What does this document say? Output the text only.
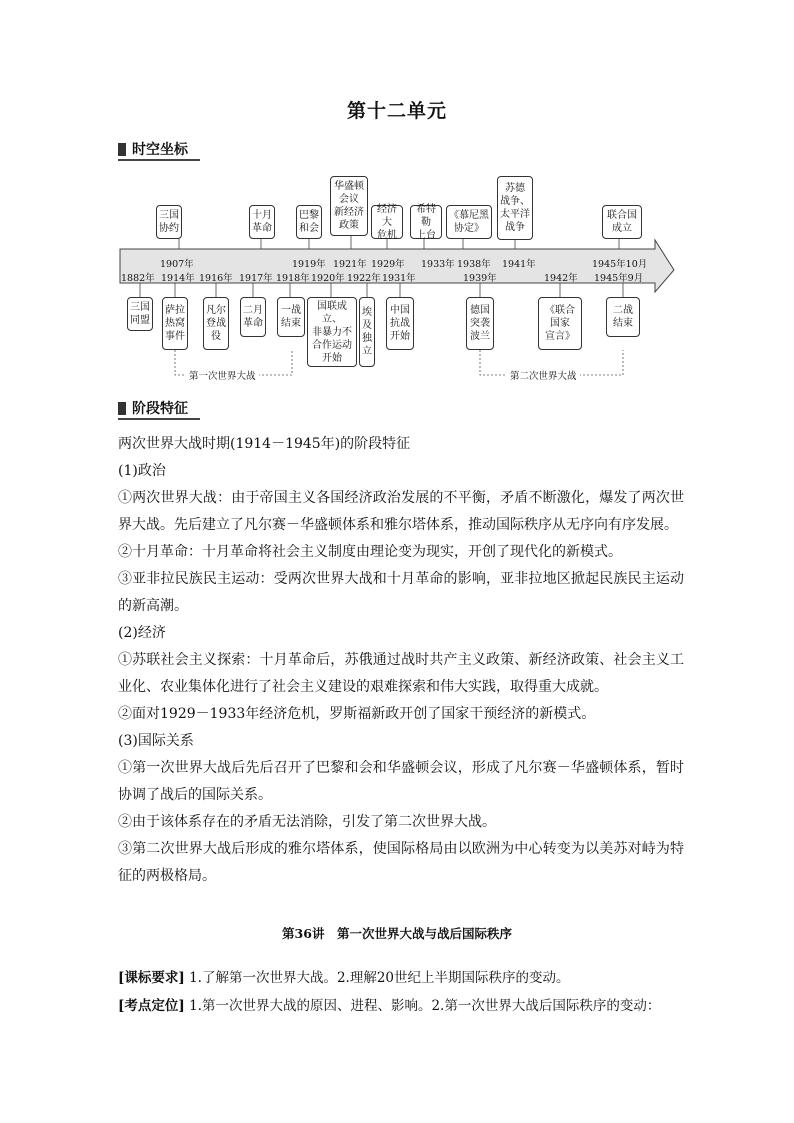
第十二单元
时空坐标
三国
协约
十月
革命
巴黎
和会
华盛顿
会议
新经济
政策
经济大
危机
希特勒
上台
《慕尼黑
协定》
苏德
战争、
太平洋
战争
联合国
成立
1907年	1919年 1921年 1929年 1933年 1938年 1941年	1945年10月
1882年 1914年 1916年 1917年 1918年 1920年 1922年 1931年	1939年	1942年 1945年9月
三国
同盟
萨拉
热窝
事件
凡尔
登战
役
二月
革命
一战
结束
国联成立、
非暴力不
合作运动
开始
埃
及
独
立
中国
抗战
开始
德国
突袭
波兰
《联合
国家
宣言》
二战
结束
第一次世界大战	第二次世界大战
阶段特征

两次世界大战时期(1914－1945年)的阶段特征

(1)政治

①两次世界大战：由于帝国主义各国经济政治发展的不平衡，矛盾不断激化，爆发了两次世界大战。先后建立了凡尔赛－华盛顿体系和雅尔塔体系，推动国际秩序从无序向有序发展。

②十月革命：十月革命将社会主义制度由理论变为现实，开创了现代化的新模式。

③亚非拉民族民主运动：受两次世界大战和十月革命的影响，亚非拉地区掀起民族民主运动的新高潮。

(2)经济

①苏联社会主义探索：十月革命后，苏俄通过战时共产主义政策、新经济政策、社会主义工业化、农业集体化进行了社会主义建设的艰难探索和伟大实践，取得重大成就。

②面对1929－1933年经济危机，罗斯福新政开创了国家干预经济的新模式。

(3)国际关系

①第一次世界大战后先后召开了巴黎和会和华盛顿会议，形成了凡尔赛－华盛顿体系，暂时协调了战后的国际关系。

②由于该体系存在的矛盾无法消除，引发了第二次世界大战。

③第二次世界大战后形成的雅尔塔体系，使国际格局由以欧洲为中心转变为以美苏对峙为特征的两极格局。

第36讲　第一次世界大战与战后国际秩序
[课标要求] 1.了解第一次世界大战。2.理解20世纪上半期国际秩序的变动。
[考点定位] 1.第一次世界大战的原因、进程、影响。2.第一次世界大战后国际秩序的变动：
